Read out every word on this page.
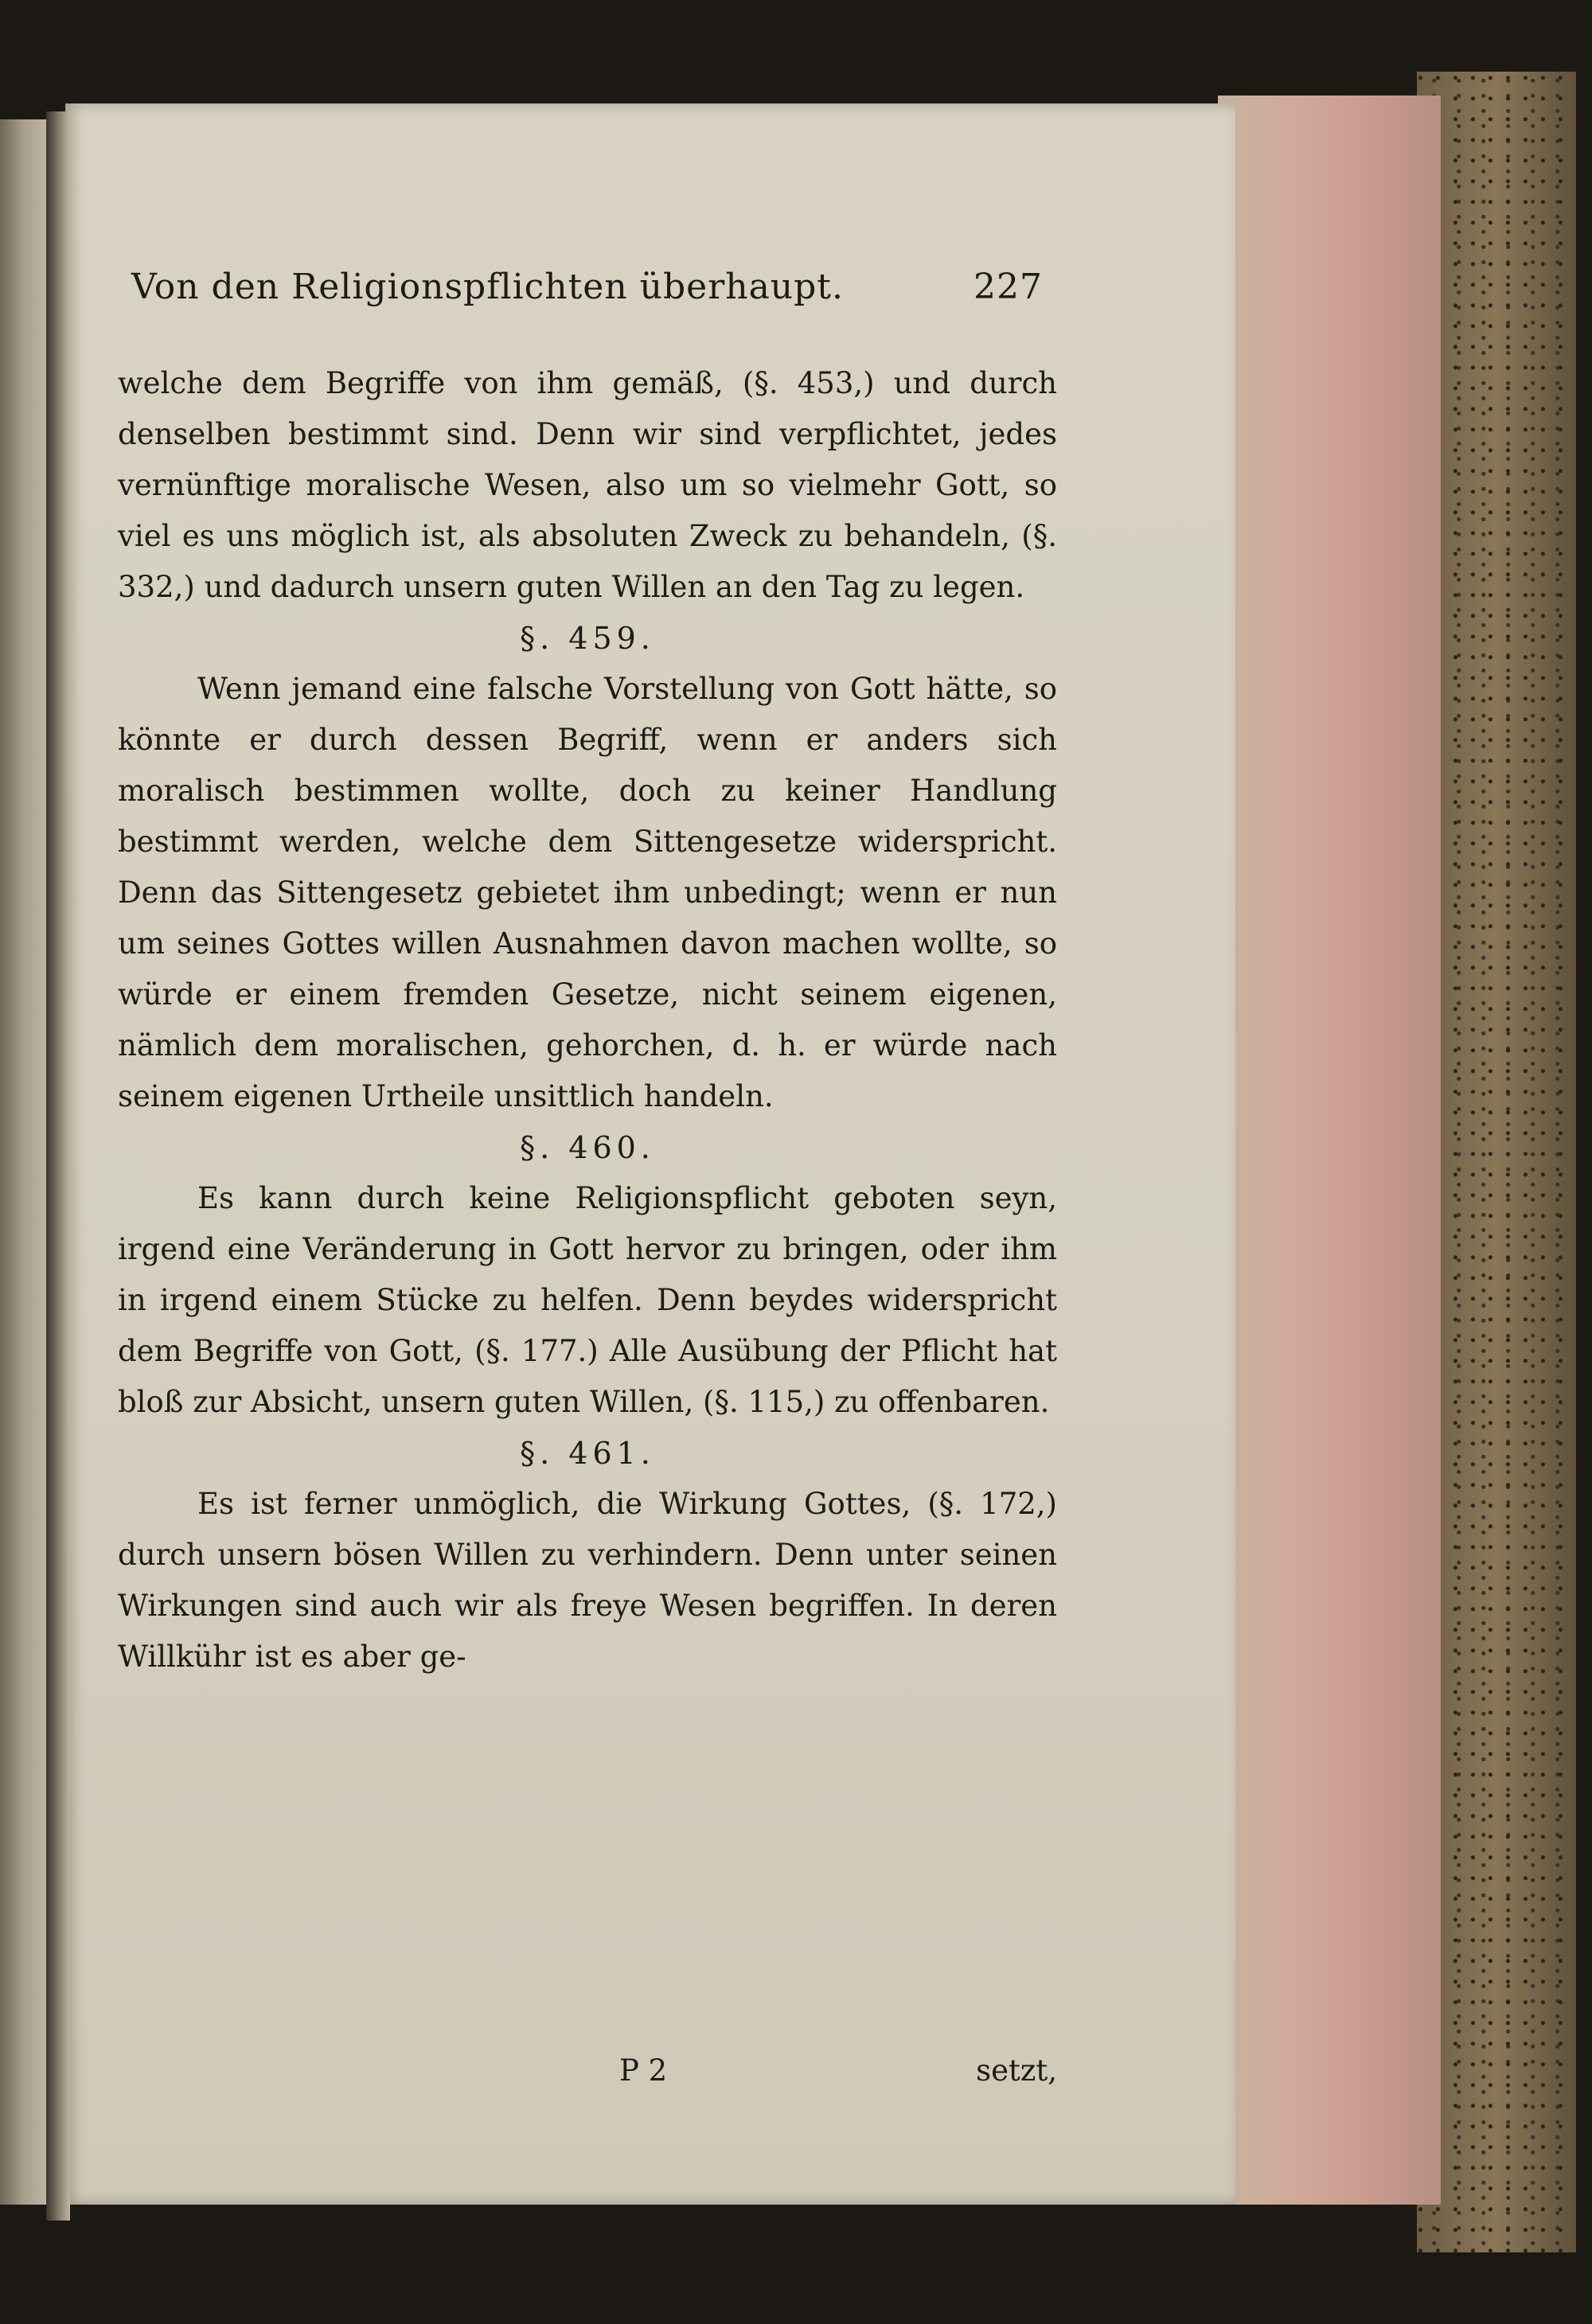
Von den Religionspflichten überhaupt.	227

welche dem Begriffe von ihm gemäß, (§. 453,) und durch denselben bestimmt sind. Denn wir sind verpflichtet, jedes vernünftige moralische Wesen, also um so vielmehr Gott, so viel es uns möglich ist, als absoluten Zweck zu behandeln, (§. 332,) und dadurch unsern guten Willen an den Tag zu legen.

§. 459.

Wenn jemand eine falsche Vorstellung von Gott hätte, so könnte er durch dessen Begriff, wenn er anders sich moralisch bestimmen wollte, doch zu keiner Handlung bestimmt werden, welche dem Sittengesetze widerspricht. Denn das Sittengesetz gebietet ihm unbedingt; wenn er nun um seines Gottes willen Ausnahmen davon machen wollte, so würde er einem fremden Gesetze, nicht seinem eigenen, nämlich dem moralischen, gehorchen, d. h. er würde nach seinem eigenen Urtheile unsittlich handeln.

§. 460.

Es kann durch keine Religionspflicht geboten seyn, irgend eine Veränderung in Gott hervor zu bringen, oder ihm in irgend einem Stücke zu helfen. Denn beydes widerspricht dem Begriffe von Gott, (§. 177.) Alle Ausübung der Pflicht hat bloß zur Absicht, unsern guten Willen, (§. 115,) zu offenbaren.

§. 461.

Es ist ferner unmöglich, die Wirkung Gottes, (§. 172,) durch unsern bösen Willen zu verhindern. Denn unter seinen Wirkungen sind auch wir als freye Wesen begriffen. In deren Willkühr ist es aber ge-

P 2	setzt,
